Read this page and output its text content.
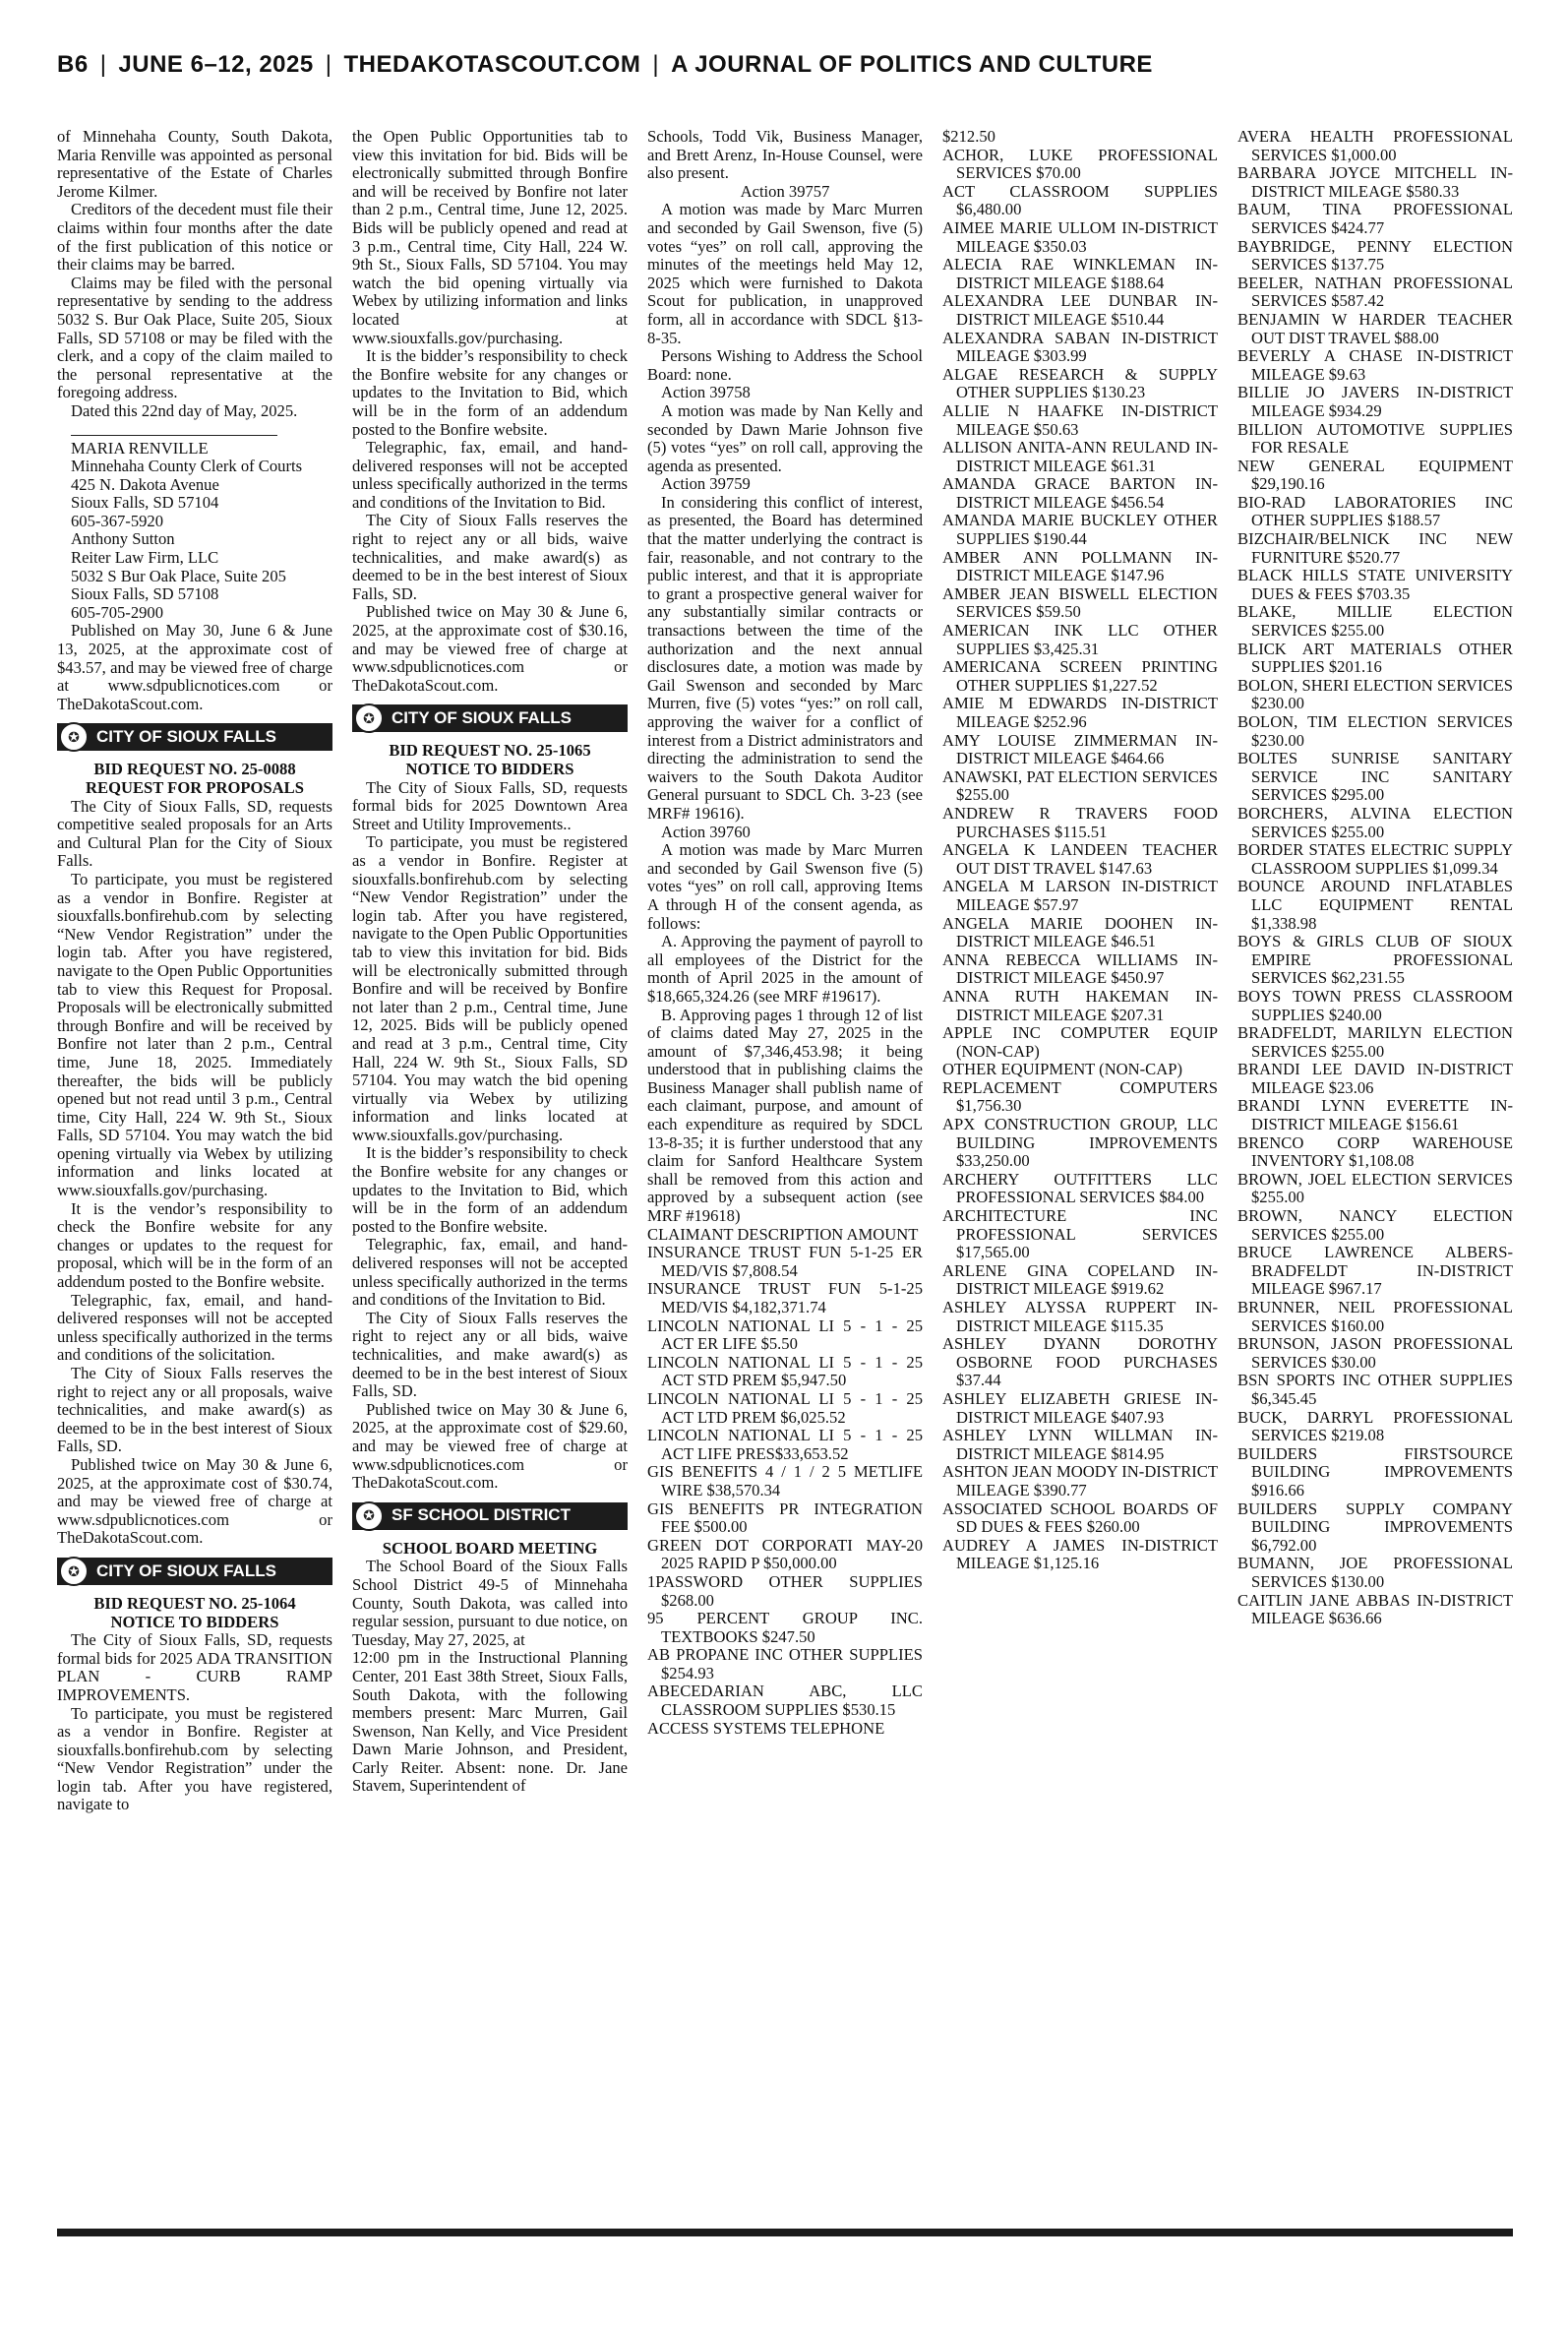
B6 | JUNE 6–12, 2025 | THEDAKOTASCOUT.COM | A JOURNAL OF POLITICS AND CULTURE

of Minnehaha County, South Dakota, Maria Renville was appointed as personal representative of the Estate of Charles Jerome Kilmer.

Creditors of the decedent must file their claims within four months after the date of the first publication of this notice or their claims may be barred.

Claims may be filed with the personal representative by sending to the address 5032 S. Bur Oak Place, Suite 205, Sioux Falls, SD 57108 or may be filed with the clerk, and a copy of the claim mailed to the personal representative at the foregoing address.

Dated this 22nd day of May, 2025.

MARIA RENVILLE

Minnehaha County Clerk of Courts

425 N. Dakota Avenue

Sioux Falls, SD 57104

605-367-5920

Anthony Sutton

Reiter Law Firm, LLC

5032 S Bur Oak Place, Suite 205

Sioux Falls, SD 57108

605-705-2900

Published on May 30, June 6 & June 13, 2025, at the approximate cost of $43.57, and may be viewed free of charge at www.sdpublicnotices.com or TheDakotaScout.com.

✪	CITY OF SIOUX FALLS

BID REQUEST NO. 25-0088

REQUEST FOR PROPOSALS

The City of Sioux Falls, SD, requests competitive sealed proposals for an Arts and Cultural Plan for the City of Sioux Falls.

To participate, you must be registered as a vendor in Bonfire. Register at siouxfalls.bonfirehub.com by selecting “New Vendor Registration” under the login tab. After you have registered, navigate to the Open Public Opportunities tab to view this Request for Proposal. Proposals will be electronically submitted through Bonfire and will be received by Bonfire not later than 2 p.m., Central time, June 18, 2025. Immediately thereafter, the bids will be publicly opened but not read until 3 p.m., Central time, City Hall, 224 W. 9th St., Sioux Falls, SD 57104. You may watch the bid opening virtually via Webex by utilizing information and links located at www.siouxfalls.gov/purchasing.

It is the vendor’s responsibility to check the Bonfire website for any changes or updates to the request for proposal, which will be in the form of an addendum posted to the Bonfire website.

Telegraphic, fax, email, and hand-delivered responses will not be accepted unless specifically authorized in the terms and conditions of the solicitation.

The City of Sioux Falls reserves the right to reject any or all proposals, waive technicalities, and make award(s) as deemed to be in the best interest of Sioux Falls, SD.

Published twice on May 30 & June 6, 2025, at the approximate cost of $30.74, and may be viewed free of charge at www.sdpublicnotices.com or TheDakotaScout.com.

✪	CITY OF SIOUX FALLS

BID REQUEST NO. 25-1064

NOTICE TO BIDDERS

The City of Sioux Falls, SD, requests formal bids for 2025 ADA TRANSITION PLAN - CURB RAMP IMPROVEMENTS.

To participate, you must be registered as a vendor in Bonfire. Register at siouxfalls.bonfirehub.com by selecting “New Vendor Registration” under the login tab. After you have registered, navigate to

the Open Public Opportunities tab to view this invitation for bid. Bids will be electronically submitted through Bonfire and will be received by Bonfire not later than 2 p.m., Central time, June 12, 2025. Bids will be publicly opened and read at 3 p.m., Central time, City Hall, 224 W. 9th St., Sioux Falls, SD 57104. You may watch the bid opening virtually via Webex by utilizing information and links located at www.siouxfalls.gov/purchasing.

It is the bidder’s responsibility to check the Bonfire website for any changes or updates to the Invitation to Bid, which will be in the form of an addendum posted to the Bonfire website.

Telegraphic, fax, email, and hand-delivered responses will not be accepted unless specifically authorized in the terms and conditions of the Invitation to Bid.

The City of Sioux Falls reserves the right to reject any or all bids, waive technicalities, and make award(s) as deemed to be in the best interest of Sioux Falls, SD.

Published twice on May 30 & June 6, 2025, at the approximate cost of $30.16, and may be viewed free of charge at www.sdpublicnotices.com or TheDakotaScout.com.

✪	CITY OF SIOUX FALLS

BID REQUEST NO. 25-1065

NOTICE TO BIDDERS

The City of Sioux Falls, SD, requests formal bids for 2025 Downtown Area Street and Utility Improvements..

To participate, you must be registered as a vendor in Bonfire. Register at siouxfalls.bonfirehub.com by selecting “New Vendor Registration” under the login tab. After you have registered, navigate to the Open Public Opportunities tab to view this invitation for bid. Bids will be electronically submitted through Bonfire and will be received by Bonfire not later than 2 p.m., Central time, June 12, 2025. Bids will be publicly opened and read at 3 p.m., Central time, City Hall, 224 W. 9th St., Sioux Falls, SD 57104. You may watch the bid opening virtually via Webex by utilizing information and links located at www.siouxfalls.gov/purchasing.

It is the bidder’s responsibility to check the Bonfire website for any changes or updates to the Invitation to Bid, which will be in the form of an addendum posted to the Bonfire website.

Telegraphic, fax, email, and hand-delivered responses will not be accepted unless specifically authorized in the terms and conditions of the Invitation to Bid.

The City of Sioux Falls reserves the right to reject any or all bids, waive technicalities, and make award(s) as deemed to be in the best interest of Sioux Falls, SD.

Published twice on May 30 & June 6, 2025, at the approximate cost of $29.60, and may be viewed free of charge at www.sdpublicnotices.com or TheDakotaScout.com.

✪	SF SCHOOL DISTRICT

SCHOOL BOARD MEETING

The School Board of the Sioux Falls School District 49-5 of Minnehaha County, South Dakota, was called into regular session, pursuant to due notice, on Tuesday, May 27, 2025, at

12:00 pm in the Instructional Planning Center, 201 East 38th Street, Sioux Falls, South Dakota, with the following members present: Marc Murren, Gail Swenson, Nan Kelly, and Vice President Dawn Marie Johnson, and President, Carly Reiter. Absent: none. Dr. Jane Stavem, Superintendent of

Schools, Todd Vik, Business Manager, and Brett Arenz, In-House Counsel, were also present.

Action 39757

A motion was made by Marc Murren and seconded by Gail Swenson, five (5) votes “yes” on roll call, approving the minutes of the meetings held May 12, 2025 which were furnished to Dakota Scout for publication, in unapproved form, all in accordance with SDCL §13-8-35.

Persons Wishing to Address the School Board: none.

Action 39758

A motion was made by Nan Kelly and seconded by Dawn Marie Johnson five (5) votes “yes” on roll call, approving the agenda as presented.

Action 39759

In considering this conflict of interest, as presented, the Board has determined that the matter underlying the contract is fair, reasonable, and not contrary to the public interest, and that it is appropriate to grant a prospective general waiver for any substantially similar contracts or transactions between the time of the authorization and the next annual disclosures date, a motion was made by Gail Swenson and seconded by Marc Murren, five (5) votes “yes:” on roll call, approving the waiver for a conflict of interest from a District administrators and directing the administration to send the waivers to the South Dakota Auditor General pursuant to SDCL Ch. 3-23 (see MRF# 19616).

Action 39760

A motion was made by Marc Murren and seconded by Gail Swenson five (5) votes “yes” on roll call, approving Items A through H of the consent agenda, as follows:

A. Approving the payment of payroll to all employees of the District for the month of April 2025 in the amount of $18,665,324.26 (see MRF #19617).

B. Approving pages 1 through 12 of list of claims dated May 27, 2025 in the amount of $7,346,453.98; it being understood that in publishing claims the Business Manager shall publish name of each claimant, purpose, and amount of each expenditure as required by SDCL 13-8-35; it is further understood that any claim for Sanford Healthcare System shall be removed from this action and approved by a subsequent action (see MRF #19618)

CLAIMANT DESCRIPTION AMOUNT

INSURANCE TRUST FUN 5-1-25 ER MED/VIS $7,808.54

INSURANCE TRUST FUN 5-1-25 MED/VIS $4,182,371.74

LINCOLN NATIONAL LI 5 - 1 - 25 ACT ER LIFE $5.50

LINCOLN NATIONAL LI 5 - 1 - 25 ACT STD PREM $5,947.50

LINCOLN NATIONAL LI 5 - 1 - 25 ACT LTD PREM $6,025.52

LINCOLN NATIONAL LI 5 - 1 - 25 ACT LIFE PRES$33,653.52

GIS BENEFITS 4 / 1 / 2 5 METLIFE WIRE $38,570.34

GIS BENEFITS PR INTEGRATION FEE $500.00

GREEN DOT CORPORATI MAY-20 2025 RAPID P $50,000.00

1PASSWORD OTHER SUPPLIES $268.00

95 PERCENT GROUP INC. TEXTBOOKS $247.50

AB PROPANE INC OTHER SUPPLIES $254.93

ABECEDARIAN ABC, LLC CLASSROOM SUPPLIES $530.15

ACCESS SYSTEMS TELEPHONE

$212.50

ACHOR, LUKE PROFESSIONAL SERVICES $70.00

ACT CLASSROOM SUPPLIES $6,480.00

AIMEE MARIE ULLOM IN-DISTRICT MILEAGE $350.03

ALECIA RAE WINKLEMAN IN-DISTRICT MILEAGE $188.64

ALEXANDRA LEE DUNBAR IN-DISTRICT MILEAGE $510.44

ALEXANDRA SABAN IN-DISTRICT MILEAGE $303.99

ALGAE RESEARCH & SUPPLY OTHER SUPPLIES $130.23

ALLIE N HAAFKE IN-DISTRICT MILEAGE $50.63

ALLISON ANITA-ANN REULAND IN-DISTRICT MILEAGE $61.31

AMANDA GRACE BARTON IN-DISTRICT MILEAGE $456.54

AMANDA MARIE BUCKLEY OTHER SUPPLIES $190.44

AMBER ANN POLLMANN IN-DISTRICT MILEAGE $147.96

AMBER JEAN BISWELL ELECTION SERVICES $59.50

AMERICAN INK LLC OTHER SUPPLIES $3,425.31

AMERICANA SCREEN PRINTING OTHER SUPPLIES $1,227.52

AMIE M EDWARDS IN-DISTRICT MILEAGE $252.96

AMY LOUISE ZIMMERMAN IN-DISTRICT MILEAGE $464.66

ANAWSKI, PAT ELECTION SERVICES $255.00

ANDREW R TRAVERS FOOD PURCHASES $115.51

ANGELA K LANDEEN TEACHER OUT DIST TRAVEL $147.63

ANGELA M LARSON IN-DISTRICT MILEAGE $57.97

ANGELA MARIE DOOHEN IN-DISTRICT MILEAGE $46.51

ANNA REBECCA WILLIAMS IN-DISTRICT MILEAGE $450.97

ANNA RUTH HAKEMAN IN-DISTRICT MILEAGE $207.31

APPLE INC COMPUTER EQUIP (NON-CAP)

OTHER EQUIPMENT (NON-CAP)

REPLACEMENT COMPUTERS $1,756.30

APX CONSTRUCTION GROUP, LLC BUILDING IMPROVEMENTS $33,250.00

ARCHERY OUTFITTERS LLC PROFESSIONAL SERVICES $84.00

ARCHITECTURE INC PROFESSIONAL SERVICES $17,565.00

ARLENE GINA COPELAND IN-DISTRICT MILEAGE $919.62

ASHLEY ALYSSA RUPPERT IN-DISTRICT MILEAGE $115.35

ASHLEY DYANN DOROTHY OSBORNE FOOD PURCHASES $37.44

ASHLEY ELIZABETH GRIESE IN-DISTRICT MILEAGE $407.93

ASHLEY LYNN WILLMAN IN-DISTRICT MILEAGE $814.95

ASHTON JEAN MOODY IN-DISTRICT MILEAGE $390.77

ASSOCIATED SCHOOL BOARDS OF SD DUES & FEES $260.00

AUDREY A JAMES IN-DISTRICT MILEAGE $1,125.16

AVERA HEALTH PROFESSIONAL SERVICES $1,000.00

BARBARA JOYCE MITCHELL IN-DISTRICT MILEAGE $580.33

BAUM, TINA PROFESSIONAL SERVICES $424.77

BAYBRIDGE, PENNY ELECTION SERVICES $137.75

BEELER, NATHAN PROFESSIONAL SERVICES $587.42

BENJAMIN W HARDER TEACHER OUT DIST TRAVEL $88.00

BEVERLY A CHASE IN-DISTRICT MILEAGE $9.63

BILLIE JO JAVERS IN-DISTRICT MILEAGE $934.29

BILLION AUTOMOTIVE SUPPLIES FOR RESALE

NEW GENERAL EQUIPMENT $29,190.16

BIO-RAD LABORATORIES INC OTHER SUPPLIES $188.57

BIZCHAIR/BELNICK INC NEW FURNITURE $520.77

BLACK HILLS STATE UNIVERSITY DUES & FEES $703.35

BLAKE, MILLIE ELECTION SERVICES $255.00

BLICK ART MATERIALS OTHER SUPPLIES $201.16

BOLON, SHERI ELECTION SERVICES $230.00

BOLON, TIM ELECTION SERVICES $230.00

BOLTES SUNRISE SANITARY SERVICE INC SANITARY SERVICES $295.00

BORCHERS, ALVINA ELECTION SERVICES $255.00

BORDER STATES ELECTRIC SUPPLY CLASSROOM SUPPLIES $1,099.34

BOUNCE AROUND INFLATABLES LLC EQUIPMENT RENTAL $1,338.98

BOYS & GIRLS CLUB OF SIOUX EMPIRE PROFESSIONAL SERVICES $62,231.55

BOYS TOWN PRESS CLASSROOM SUPPLIES $240.00

BRADFELDT, MARILYN ELECTION SERVICES $255.00

BRANDI LEE DAVID IN-DISTRICT MILEAGE $23.06

BRANDI LYNN EVERETTE IN-DISTRICT MILEAGE $156.61

BRENCO CORP WAREHOUSE INVENTORY $1,108.08

BROWN, JOEL ELECTION SERVICES $255.00

BROWN, NANCY ELECTION SERVICES $255.00

BRUCE LAWRENCE ALBERS-BRADFELDT IN-DISTRICT MILEAGE $967.17

BRUNNER, NEIL PROFESSIONAL SERVICES $160.00

BRUNSON, JASON PROFESSIONAL SERVICES $30.00

BSN SPORTS INC OTHER SUPPLIES $6,345.45

BUCK, DARRYL PROFESSIONAL SERVICES $219.08

BUILDERS FIRSTSOURCE BUILDING IMPROVEMENTS $916.66

BUILDERS SUPPLY COMPANY BUILDING IMPROVEMENTS $6,792.00

BUMANN, JOE PROFESSIONAL SERVICES $130.00

CAITLIN JANE ABBAS IN-DISTRICT MILEAGE $636.66
